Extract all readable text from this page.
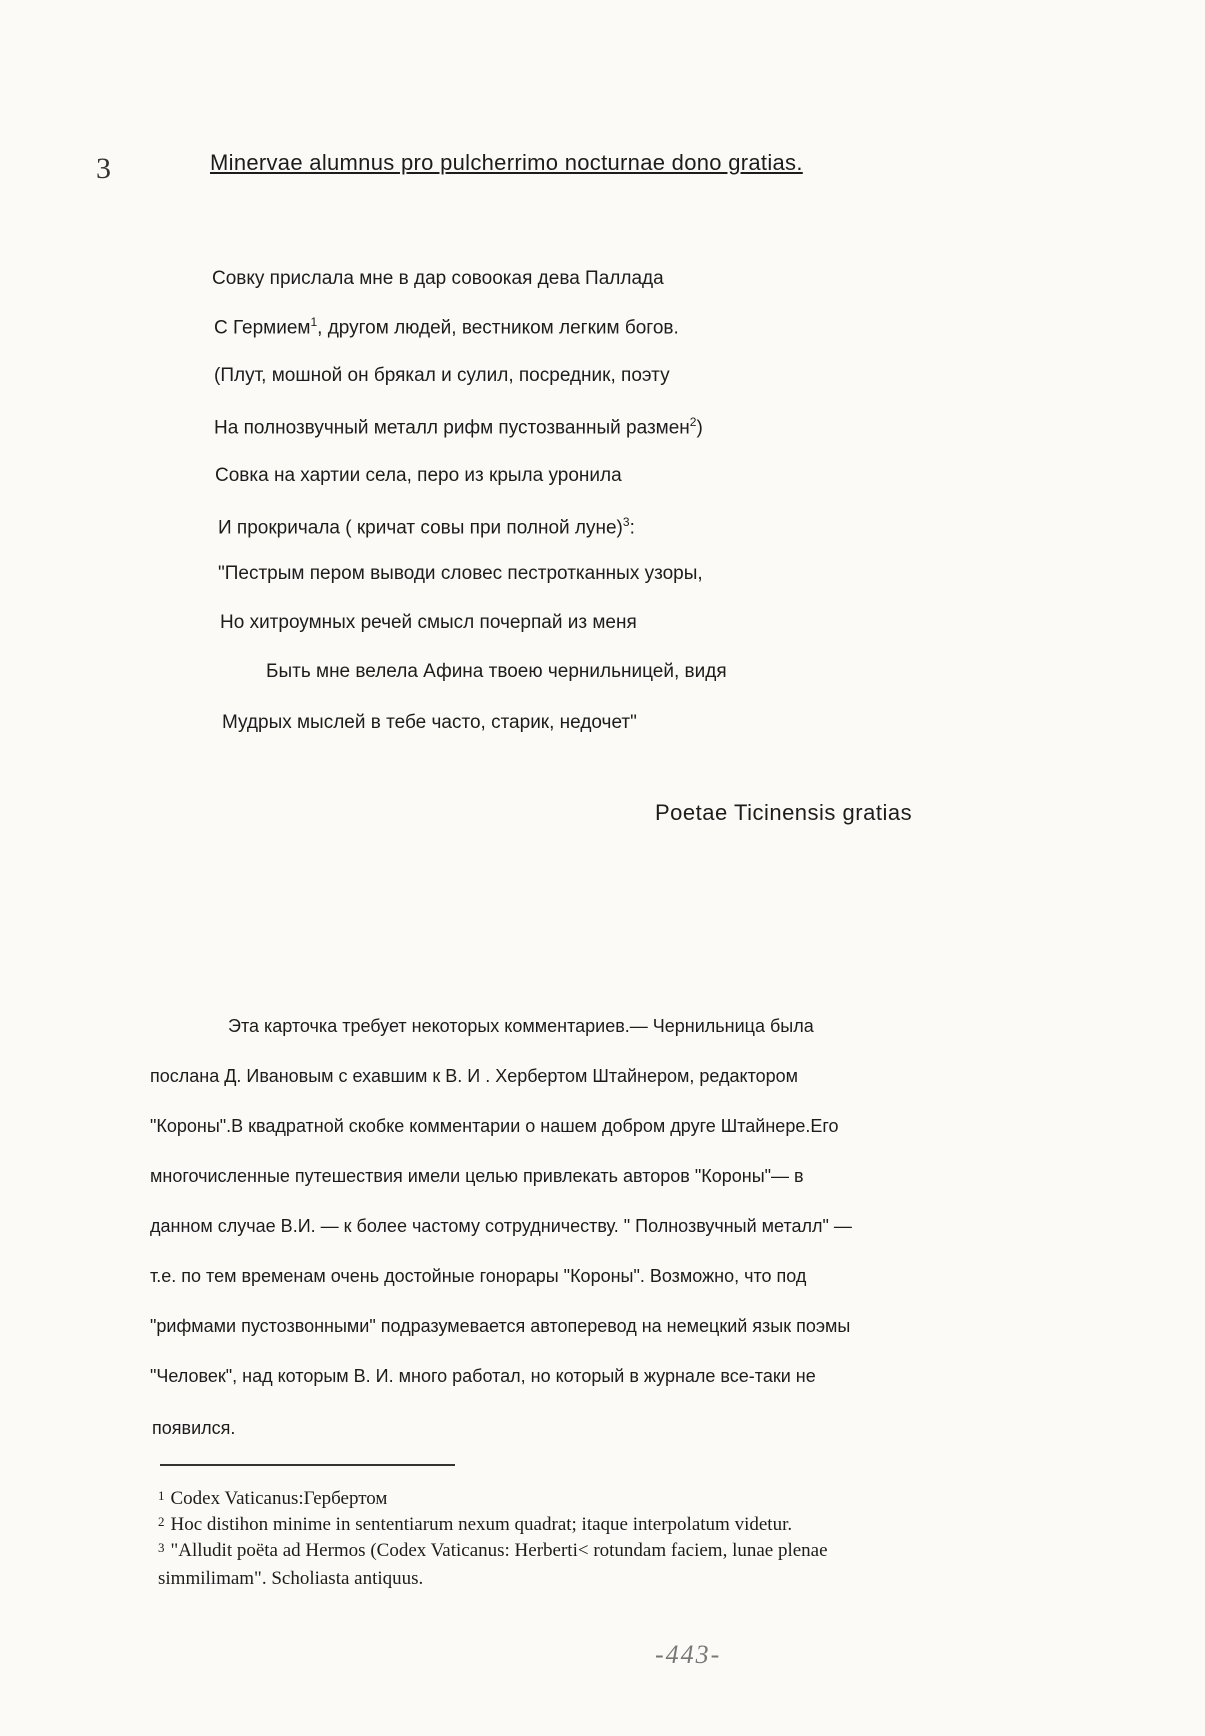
3	Minervae alumnus pro pulcherrimo nocturnae dono gratias.
Совку прислала мне в дар совоокая дева Паллада
С Гермием$^1$, другом людей, вестником легким богов.
(Плут, мошной он брякал и сулил, посредник, поэту
На полнозвучный металл рифм пустозванный размен$^2$)
Совка на хартии села, перо из крыла уронила
И прокричала ( кричат совы при полной луне)$^3$:
"Пестрым пером выводи словес пестротканных узоры,
Но хитроумных речей смысл почерпай из меня
Быть мне велела Афина твоею чернильницей, видя
Мудрых мыслей в тебе часто, старик, недочет"
Poetae Ticinensis gratias
Эта карточка требует некоторых комментариев.— Чернильница была
послана Д. Ивановым с ехавшим к В. И . Хербертом Штайнером, редактором
"Короны".В квадратной скобке комментарии о нашем добром друге Штайнере.Его
многочисленные путешествия имели целью привлекать авторов "Короны"— в
данном случае В.И. — к более частому сотрудничеству. " Полнозвучный металл" —
т.е. по тем временам очень достойные гонорары "Короны". Возможно, что под
"рифмами пустозвонными" подразумевается автоперевод на немецкий язык поэмы
"Человек", над которым В. И. много работал, но который в журнале все-таки не
появился.
$^1$ Codex Vaticanus:Гербертом
$^2$ Hoc distihon minime in sententiarum nexum quadrat; itaque interpolatum videtur.
$^3$ "Alludit poëta ad Hermos (Codex Vaticanus: Herberti< rotundam faciem, lunae plenae
simmilimam". Scholiasta antiquus.
-443-
